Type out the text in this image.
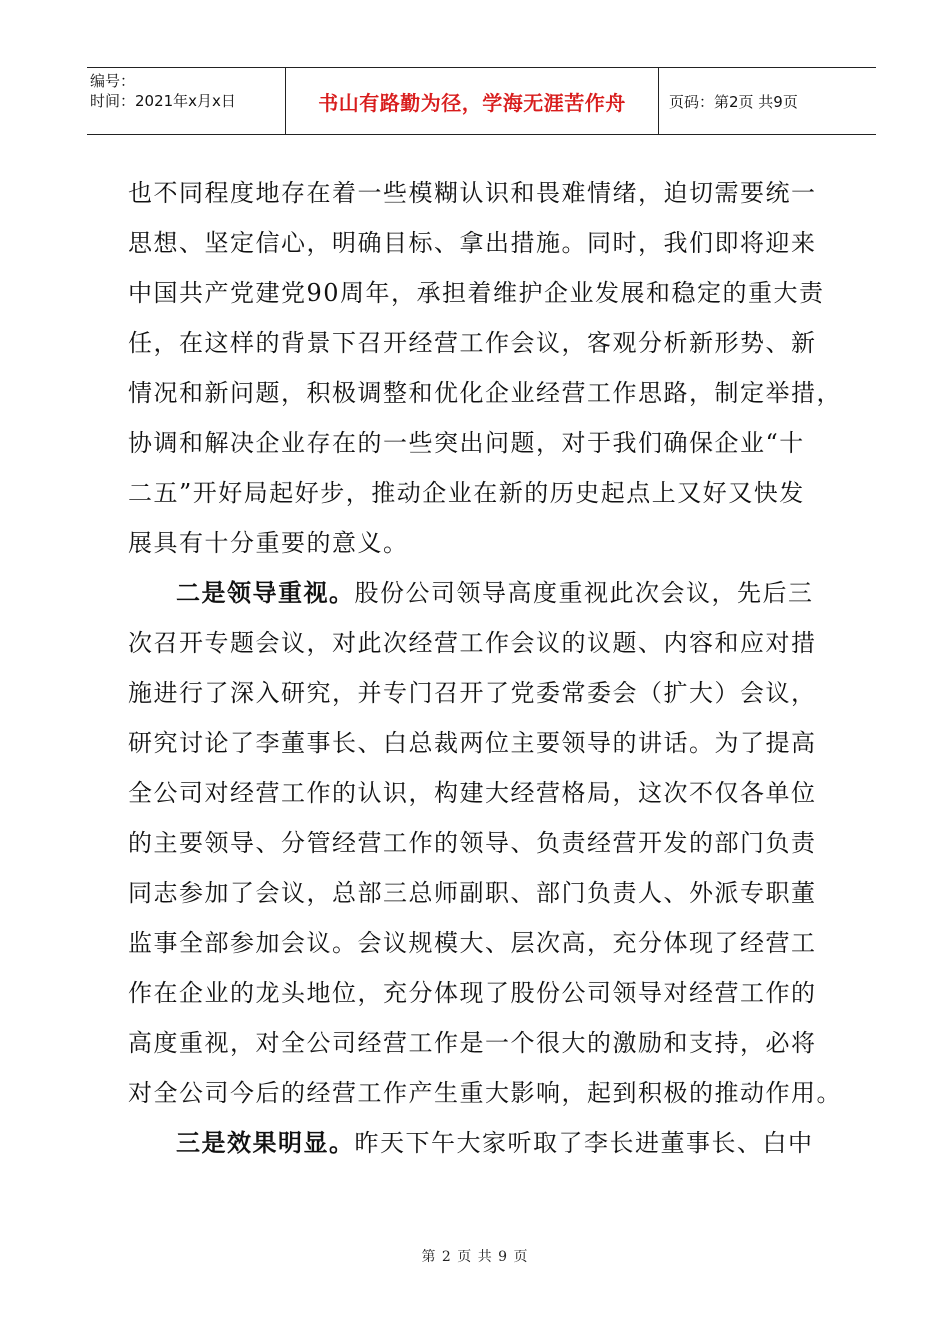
编号：
时间：2021年x月x日	书山有路勤为径，学海无涯苦作舟	页码：第2页 共9页
也不同程度地存在着一些模糊认识和畏难情绪，迫切需要统一
思想、坚定信心，明确目标、拿出措施。同时，我们即将迎来
中国共产党建党90周年，承担着维护企业发展和稳定的重大责
任，在这样的背景下召开经营工作会议，客观分析新形势、新
情况和新问题，积极调整和优化企业经营工作思路，制定举措，
协调和解决企业存在的一些突出问题，对于我们确保企业“十
二五”开好局起好步，推动企业在新的历史起点上又好又快发
展具有十分重要的意义。
二是领导重视。股份公司领导高度重视此次会议，先后三
次召开专题会议，对此次经营工作会议的议题、内容和应对措
施进行了深入研究，并专门召开了党委常委会（扩大）会议，
研究讨论了李董事长、白总裁两位主要领导的讲话。为了提高
全公司对经营工作的认识，构建大经营格局，这次不仅各单位
的主要领导、分管经营工作的领导、负责经营开发的部门负责
同志参加了会议，总部三总师副职、部门负责人、外派专职董
监事全部参加会议。会议规模大、层次高，充分体现了经营工
作在企业的龙头地位，充分体现了股份公司领导对经营工作的
高度重视，对全公司经营工作是一个很大的激励和支持，必将
对全公司今后的经营工作产生重大影响，起到积极的推动作用。
三是效果明显。昨天下午大家听取了李长进董事长、白中
第 2 页 共 9 页
